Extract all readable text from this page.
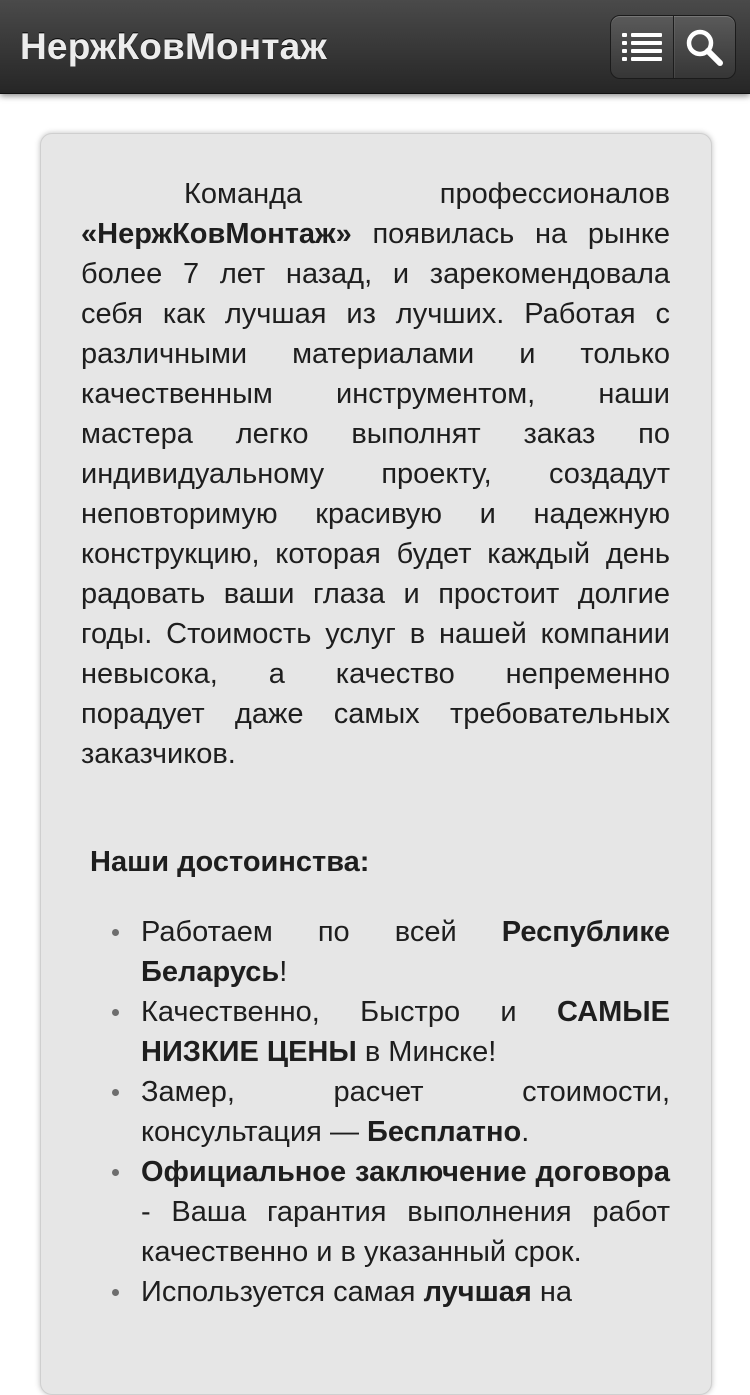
НержКовМонтаж

Команда профессионалов «НержКовМонтаж» появилась на рынке более 7 лет назад, и зарекомендовала себя как лучшая из лучших. Работая с различными материалами и только качественным инструментом, наши мастера легко выполнят заказ по индивидуальному проекту, создадут неповторимую красивую и надежную конструкцию, которая будет каждый день радовать ваши глаза и простоит долгие годы. Стоимость услуг в нашей компании невысока, а качество непременно порадует даже самых требовательных заказчиков.

Наши достоинства:
Работаем по всей Республике Беларусь!
Качественно, Быстро и САМЫЕ НИЗКИЕ ЦЕНЫ в Минске!
Замер, расчет стоимости, консультация — Бесплатно.
Официальное заключение договора - Ваша гарантия выполнения работ качественно и в указанный срок.
Используется самая лучшая на
